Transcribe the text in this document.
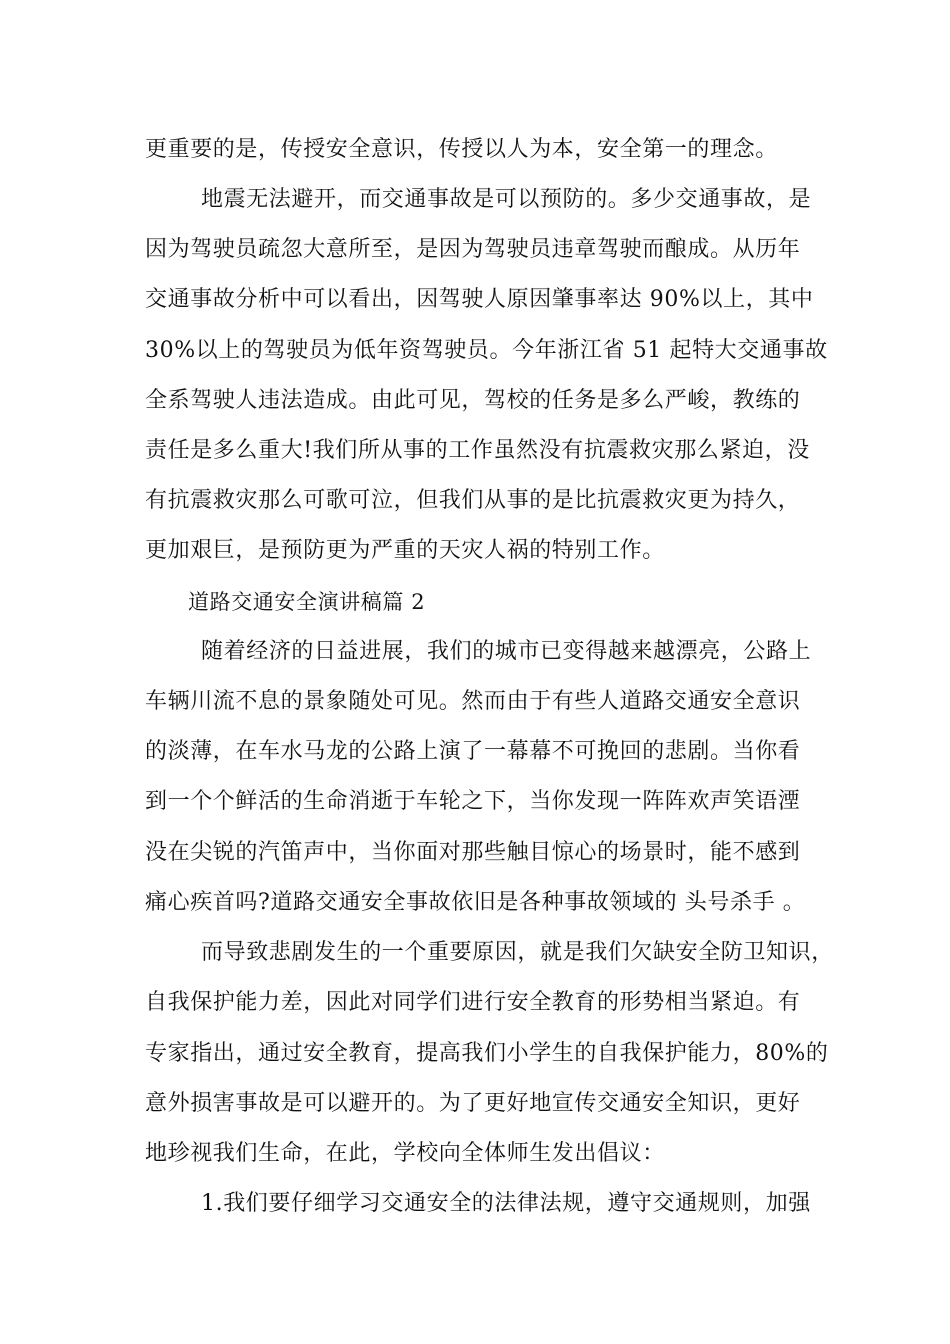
更重要的是，传授安全意识，传授以人为本，安全第一的理念。
地震无法避开，而交通事故是可以预防的。多少交通事故，是
因为驾驶员疏忽大意所至，是因为驾驶员违章驾驶而酿成。从历年
交通事故分析中可以看出，因驾驶人原因肇事率达 90%以上，其中
30%以上的驾驶员为低年资驾驶员。今年浙江省 51 起特大交通事故
全系驾驶人违法造成。由此可见，驾校的任务是多么严峻，教练的
责任是多么重大!我们所从事的工作虽然没有抗震救灾那么紧迫，没
有抗震救灾那么可歌可泣，但我们从事的是比抗震救灾更为持久，
更加艰巨，是预防更为严重的天灾人祸的特别工作。
道路交通安全演讲稿篇 2
随着经济的日益进展，我们的城市已变得越来越漂亮，公路上
车辆川流不息的景象随处可见。然而由于有些人道路交通安全意识
的淡薄，在车水马龙的公路上演了一幕幕不可挽回的悲剧。当你看
到一个个鲜活的生命消逝于车轮之下，当你发现一阵阵欢声笑语湮
没在尖锐的汽笛声中，当你面对那些触目惊心的场景时，能不感到
痛心疾首吗?道路交通安全事故依旧是各种事故领域的 头号杀手 。
而导致悲剧发生的一个重要原因，就是我们欠缺安全防卫知识，
自我保护能力差，因此对同学们进行安全教育的形势相当紧迫。有
专家指出，通过安全教育，提高我们小学生的自我保护能力，80%的
意外损害事故是可以避开的。为了更好地宣传交通安全知识，更好
地珍视我们生命，在此，学校向全体师生发出倡议：
1.我们要仔细学习交通安全的法律法规，遵守交通规则，加强
